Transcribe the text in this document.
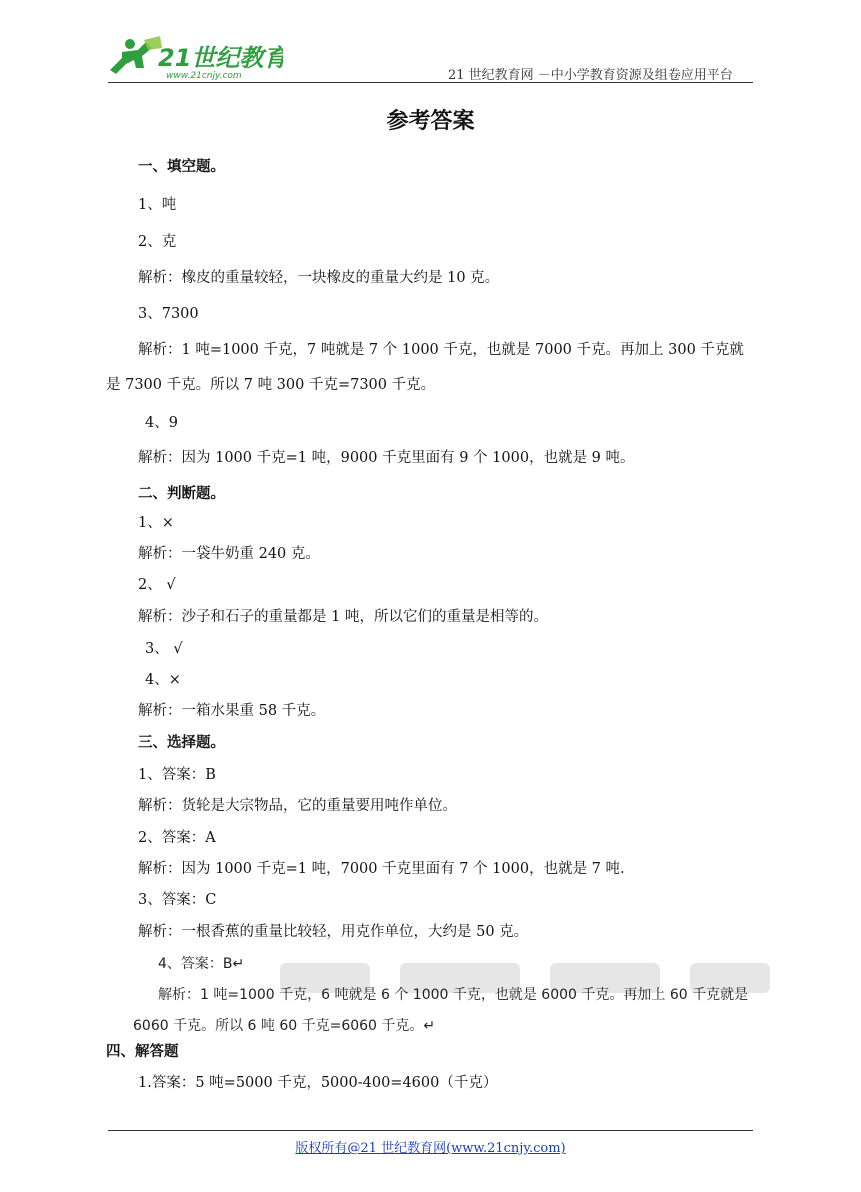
21世纪教育
www.21cnjy.com	21 世纪教育网 －中小学教育资源及组卷应用平台
参考答案
一、填空题。
1、吨
2、克
解析：橡皮的重量较轻，一块橡皮的重量大约是 10 克。
3、7300
解析：1 吨=1000 千克，7 吨就是 7 个 1000 千克，也就是 7000 千克。再加上 300 千克就
是 7300 千克。所以 7 吨 300 千克=7300 千克。
4、9
解析：因为 1000 千克=1 吨，9000 千克里面有 9 个 1000，也就是 9 吨。
二、判断题。
1、×
解析：一袋牛奶重 240 克。
2、 √
解析：沙子和石子的重量都是 1 吨，所以它们的重量是相等的。
3、 √
4、×
解析：一箱水果重 58 千克。
三、选择题。
1、答案：B
解析：货轮是大宗物品，它的重量要用吨作单位。
2、答案：A
解析：因为 1000 千克=1 吨，7000 千克里面有 7 个 1000，也就是 7 吨.
3、答案：C
解析：一根香蕉的重量比较轻，用克作单位，大约是 50 克。
4、答案：B↵
解析：1 吨=1000 千克，6 吨就是 6 个 1000 千克，也就是 6000 千克。再加上 60 千克就是
6060 千克。所以 6 吨 60 千克=6060 千克。↵
四、解答题
1.答案：5 吨=5000 千克，5000-400=4600（千克）
版权所有@21 世纪教育网(www.21cnjy.com)
